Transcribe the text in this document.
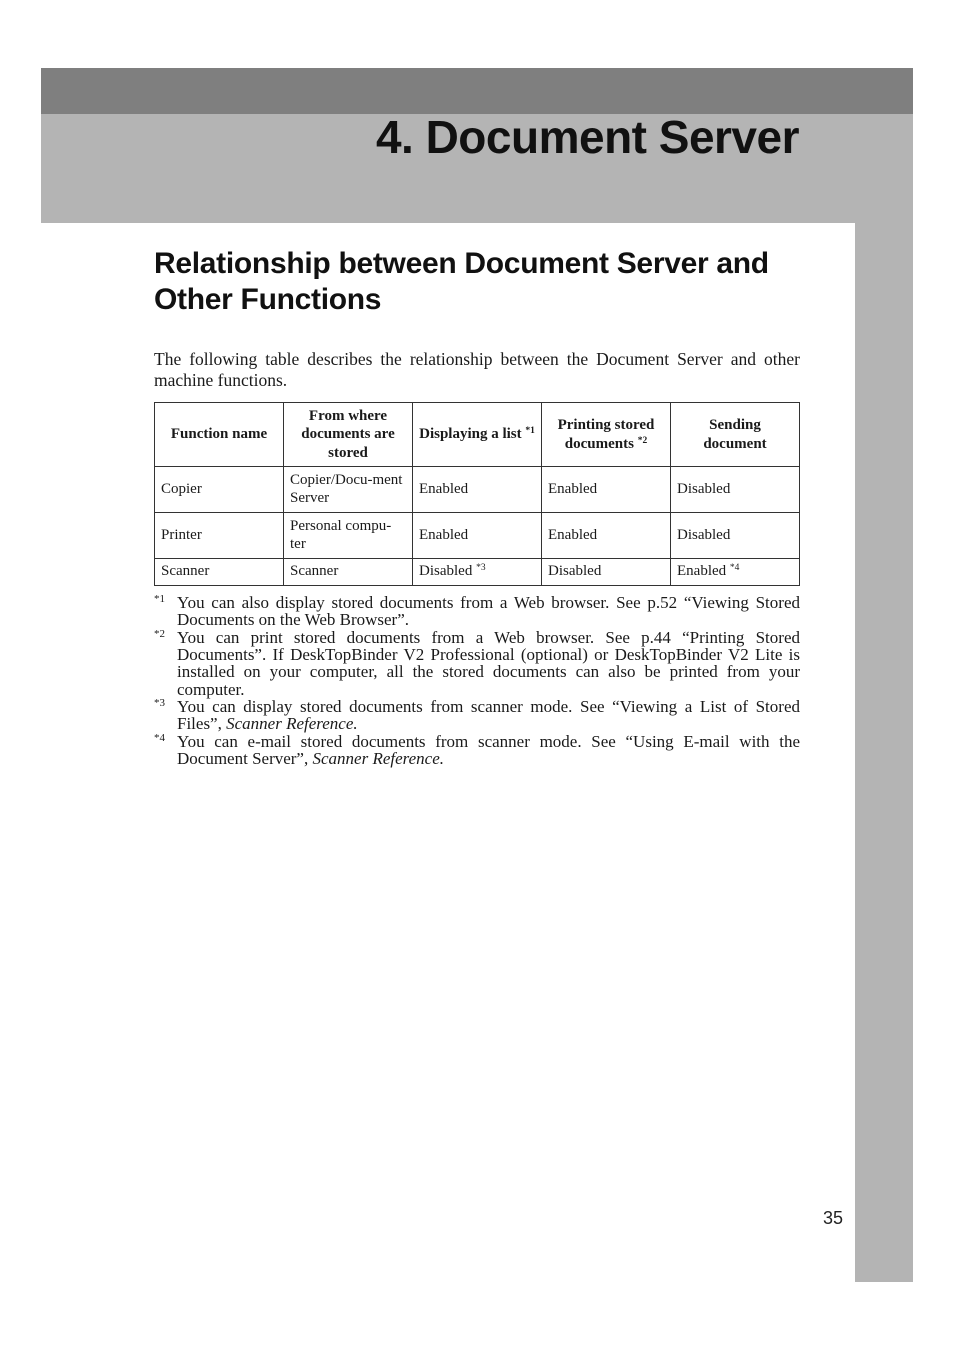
4. Document Server
Relationship between Document Server and Other Functions

The following table describes the relationship between the Document Server and other machine functions.

Function name	From where documents are stored	Displaying a list $^{*1}$	Printing stored documents $^{*2}$	Sending document
Copier	Copier/Docu-ment Server	Enabled	Enabled	Disabled
Printer	Personal compu-ter	Enabled	Enabled	Disabled
Scanner	Scanner	Disabled $^{*3}$	Disabled	Enabled $^{*4}$
*1 You can also display stored documents from a Web browser. See p.52 “Viewing Stored Documents on the Web Browser”.
*2 You can print stored documents from a Web browser. See p.44 “Printing Stored Documents”. If DeskTopBinder V2 Professional (optional) or DeskTopBinder V2 Lite is installed on your computer, all the stored documents can also be printed from your computer.
*3 You can display stored documents from scanner mode. See “Viewing a List of Stored Files”, Scanner Reference.
*4 You can e-mail stored documents from scanner mode. See “Using E-mail with the Document Server”, Scanner Reference.

35
